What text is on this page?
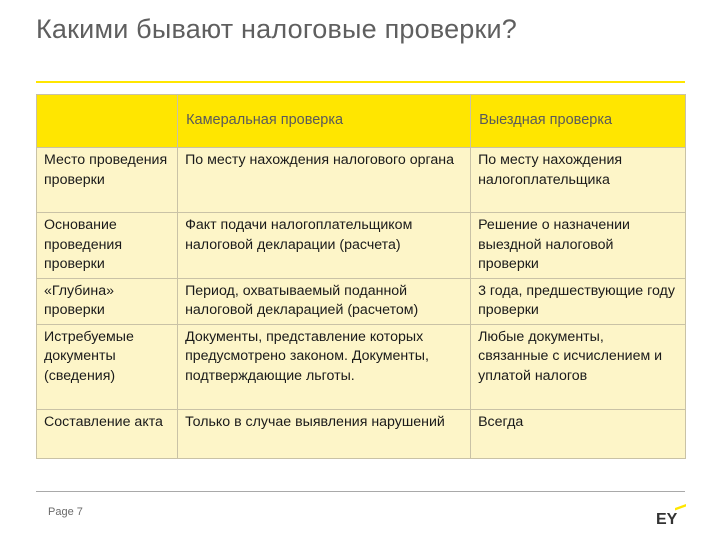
Какими бывают налоговые проверки?
	Камеральная проверка	Выездная проверка
Место проведения проверки	По месту нахождения налогового органа	По месту нахождения налогоплательщика
Основание проведения проверки	Факт подачи налогоплательщиком налоговой декларации (расчета)	Решение о назначении выездной налоговой проверки
«Глубина» проверки	Период, охватываемый поданной налоговой декларацией (расчетом)	3 года, предшествующие году проверки
Истребуемые документы (сведения)	Документы, представление которых предусмотрено законом. Документы, подтверждающие льготы.	Любые документы, связанные с исчислением и уплатой налогов
Составление акта	Только в случае выявления нарушений	Всегда
Page 7	EY
